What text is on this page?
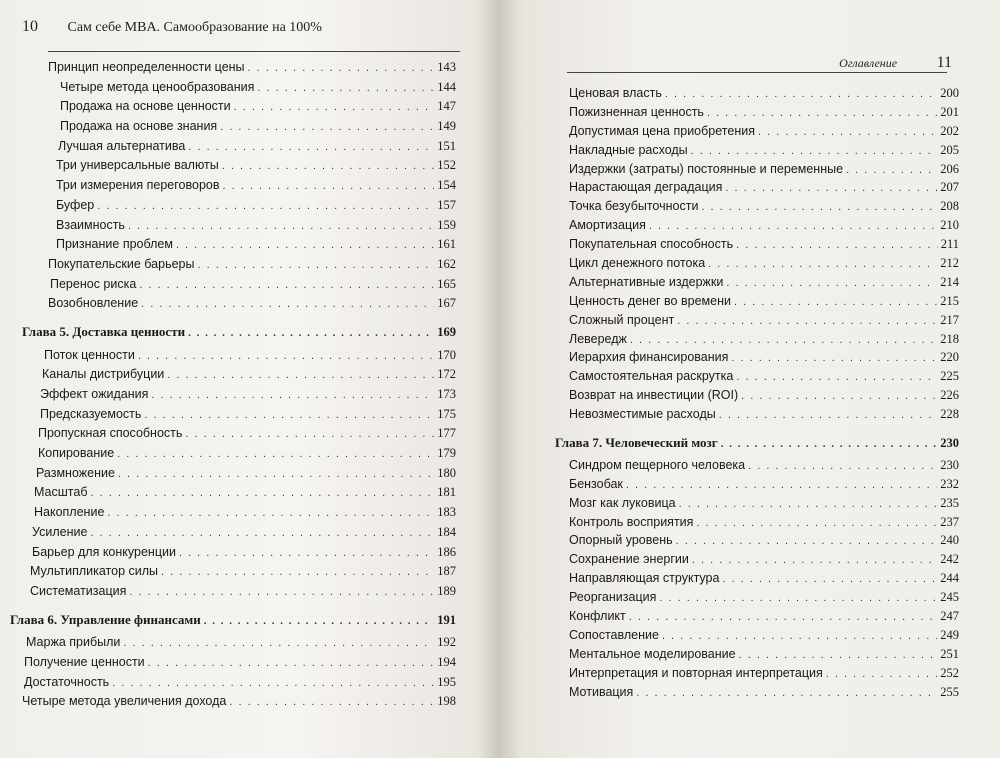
10 Сам себе MBA. Самообразование на 100%
Принцип неопределенности цены . . .	143
Четыре метода ценообразования . . .	144
Продажа на основе ценности . . .	147
Продажа на основе знания . . .	149
Лучшая альтернатива . . .	151
Три универсальные валюты . . .	152
Три измерения переговоров . . .	154
Буфер . . .	157
Взаимность . . .	159
Признание проблем . . .	161
Покупательские барьеры . . .	162
Перенос риска . . .	165
Возобновление . . .	167
Глава 5. Доставка ценности . . .	169
Поток ценности . . .	170
Каналы дистрибуции . . .	172
Эффект ожидания . . .	173
Предсказуемость . . .	175
Пропускная способность . . .	177
Копирование . . .	179
Размножение . . .	180
Масштаб . . .	181
Накопление . . .	183
Усиление . . .	184
Барьер для конкуренции . . .	186
Мультипликатор силы . . .	187
Систематизация . . .	189
Глава 6. Управление финансами . . .	191
Маржа прибыли . . .	192
Получение ценности . . .	194
Достаточность . . .	195
Четыре метода увеличения дохода . . .	198
Оглавление 11
Ценовая власть . . .	200
Пожизненная ценность . . .	201
Допустимая цена приобретения . . .	202
Накладные расходы . . .	205
Издержки (затраты) постоянные и переменные . . .	206
Нарастающая деградация . . .	207
Точка безубыточности . . .	208
Амортизация . . .	210
Покупательная способность . . .	211
Цикл денежного потока . . .	212
Альтернативные издержки . . .	214
Ценность денег во времени . . .	215
Сложный процент . . .	217
Левередж . . .	218
Иерархия финансирования . . .	220
Самостоятельная раскрутка . . .	225
Возврат на инвестиции (ROI) . . .	226
Невозместимые расходы . . .	228
Глава 7. Человеческий мозг . . .	230
Синдром пещерного человека . . .	230
Бензобак . . .	232
Мозг как луковица . . .	235
Контроль восприятия . . .	237
Опорный уровень . . .	240
Сохранение энергии . . .	242
Направляющая структура . . .	244
Реорганизация . . .	245
Конфликт . . .	247
Сопоставление . . .	249
Ментальное моделирование . . .	251
Интерпретация и повторная интерпретация . . .	252
Мотивация . . .	255
